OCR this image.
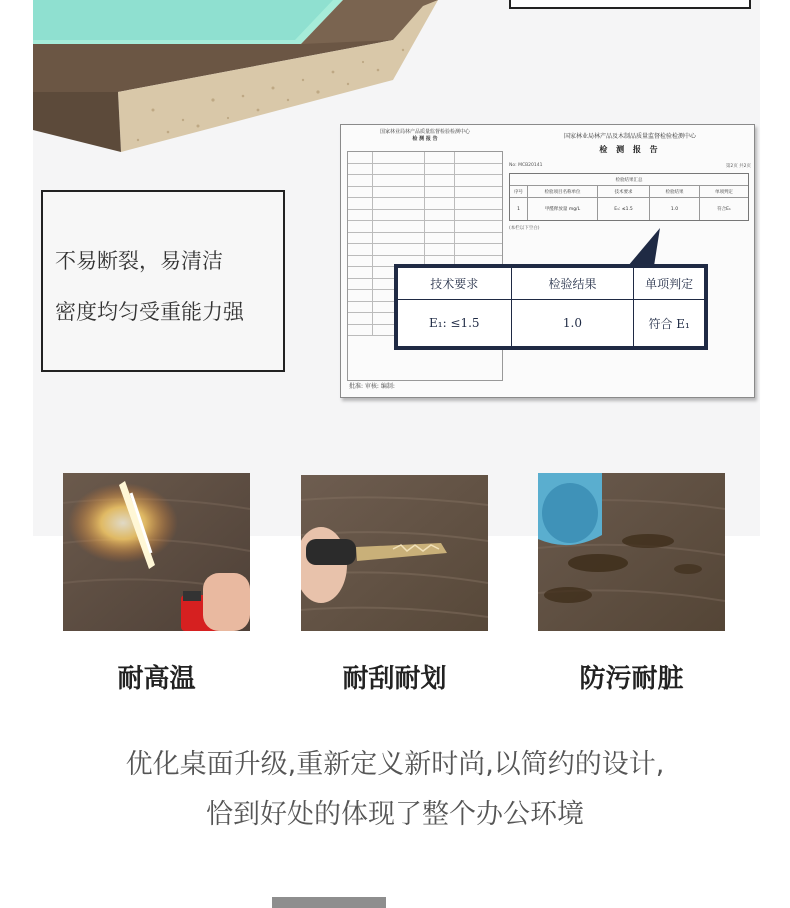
不易断裂，易清洁
密度均匀受重能力强
国家林业局林产品质量监督检验检测中心
检 测 报 告
批准: 审核: 编制:
国家林业局林产品及木制品质量监督检验检测中心
检 测 报 告
No: MCB20141	第2页 共2页
检验结果汇总
序号	检验项目名称单位	技术要求	检验结果	单项判定
1	甲醛释放量 mg/L	E₁: ≤1.5	1.0	符合E₁
(本栏以下空白)
技术要求	检验结果	单项判定
E₁: ≤1.5	1.0	符合 E₁
耐高温	耐刮耐划	防污耐脏
优化桌面升级,重新定义新时尚,以简约的设计,
恰到好处的体现了整个办公环境
